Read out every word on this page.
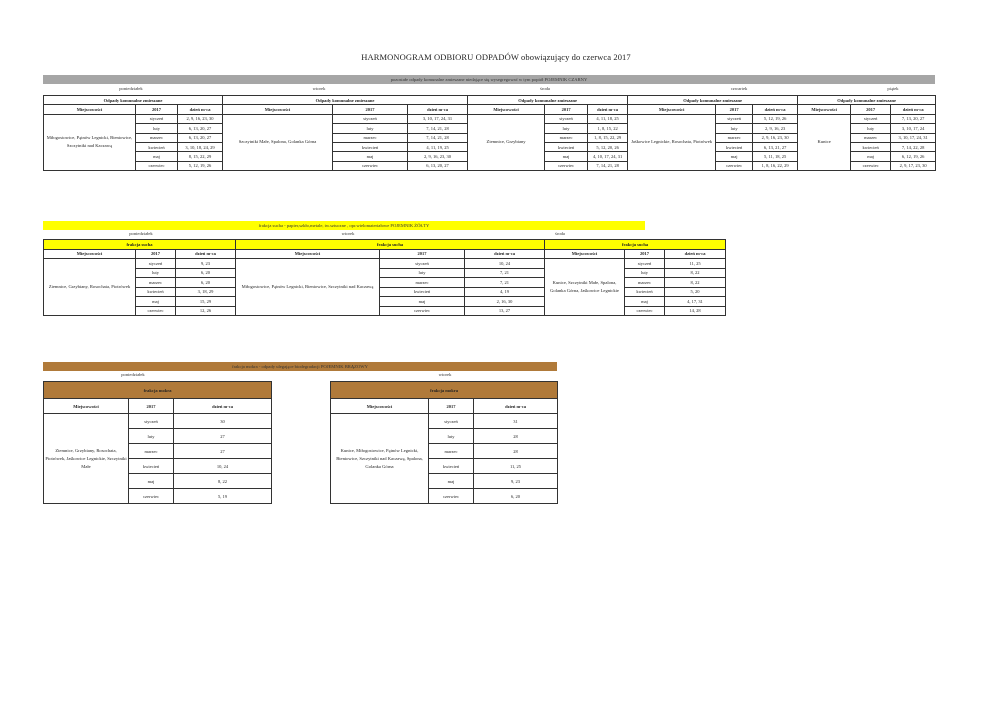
HARMONOGRAM ODBIORU ODPADÓW obowiązujący do czerwca 2017
pozostałe odpady komunalne zmieszane niedające się wysegregować w tym popiół POJEMNIK CZARNY
poniedziałek	wtorek	środa	czwartek	piątek
Odpady komunalne zmieszane			Odpady komunalne zmieszane			Odpady komunalne zmieszane			Odpady komunalne zmieszane			Odpady komunalne zmieszane		
Miejscowości	2017	dzień m-ca	Miejscowości	2017	dzień m-ca	Miejscowości	2017	dzień m-ca	Miejscowości	2017	dzień m-ca	Miejscowości	2017	dzień m-ca
Miłogostowice, Pątnów Legnicki, Bieniowice, Szczytniki nad Kaczawą	styczeń	2, 9, 16, 23, 30	Szczytniki Małe, Spalona, Golanka Górna	styczeń	3, 10, 17, 24, 31	Ziemnice, Grzybiany	styczeń	4, 11, 18, 25	Jaśkowice Legnickie, Rosochata, Piotrówek	styczeń	5, 12, 19, 26	Kunice	styczeń	7, 13, 20, 27
	luty	6, 13, 20, 27		luty	7, 14, 21, 28		luty	1, 8, 15, 22		luty	2, 9, 16, 23		luty	3, 10, 17, 24
	marzec	6, 13, 20, 27		marzec	7, 14, 21, 28		marzec	1, 8, 15, 22, 29		marzec	2, 9, 16, 23, 30		marzec	3, 10, 17, 24, 31
	kwiecień	3, 10, 18, 24, 29		kwiecień	4, 11, 19, 25		kwiecień	5, 12, 20, 26		kwiecień	6, 13, 21, 27		kwiecień	7, 14, 22, 28
	maj	8, 15, 22, 29		maj	2, 9, 16, 23, 30		maj	4, 10, 17, 24, 31		maj	5, 11, 18, 25		maj	6, 12, 19, 26
	czerwiec	5, 12, 19, 26		czerwiec	6, 13, 20, 27		czerwiec	7, 14, 21, 28		czerwiec	1, 8, 16, 22, 29		czerwiec	2, 9, 17, 23, 30
frakcja sucha - papier,szkło,metale, tw.sztuczne , opr.wielomateriałowe POJEMNIK ŻÓŁTY
poniedziałek	wtorek	środa
frakcja sucha			frakcja sucha			frakcja sucha		
Miejscowości	2017	dzień m-ca	Miejscowości	2017	dzień m-ca	Miejscowości	2017	dzień m-ca
Ziemnice, Grzybiany, Rosochata, Piotrówek	styczeń	9, 23	Miłogostowice, Pątnów Legnicki, Bieniowice, Szczytniki nad Kaczawą	styczeń	10, 24	Kunice, Szczytniki Małe, Spalona, Golanka Górna, Jaśkowice Legnickie	styczeń	11, 25
	luty	6, 20		luty	7, 21		luty	8, 22
	marzec	6, 20		marzec	7, 21		marzec	8, 22
	kwiecień	3, 18, 29		kwiecień	4, 19		kwiecień	5, 20
	maj	15, 29		maj	2, 16, 30		maj	4, 17, 31
	czerwiec	12, 26		czerwiec	13, 27		czerwiec	14, 28
frakcja mokra - odpady ulegające biodegradacji POJEMNIK BRĄZOWY
poniedziałek	wtorek
frakcja mokra		
Miejscowości	2017	dzień m-ca
Ziemnice, Grzybiany, Rosochata, Piotrówek, Jaśkowice Legnickie, Szczytniki Małe	styczeń	30
	luty	27
	marzec	27
	kwiecień	10, 24
	maj	8, 22
	czerwiec	5, 19
frakcja mokra		
Miejscowości	2017	dzień m-ca
Kunice, Miłogostowice, Pątnów Legnicki, Bieniowice, Szczytniki nad Kaczawą, Spalona, Golanka Górna	styczeń	31
	luty	28
	marzec	28
	kwiecień	11, 25
	maj	9, 23
	czerwiec	6, 20
